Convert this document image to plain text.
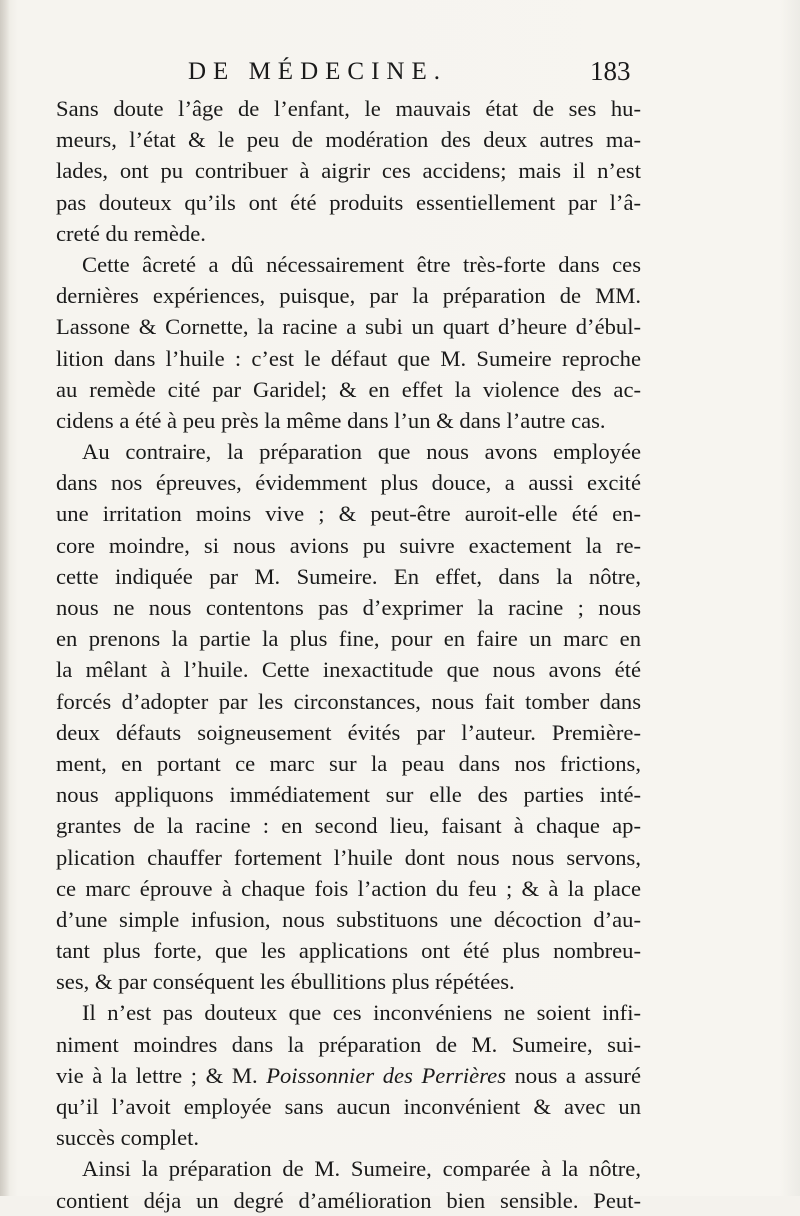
DE MÉDECINE.	183
Sans doute l’âge de l’enfant, le mauvais état de ses hu-
meurs, l’état & le peu de modération des deux autres ma-
lades, ont pu contribuer à aigrir ces accidens; mais il n’est
pas douteux qu’ils ont été produits essentiellement par l’â-
creté du remède.
Cette âcreté a dû nécessairement être très-forte dans ces
dernières expériences, puisque, par la préparation de MM.
Lassone & Cornette, la racine a subi un quart d’heure d’ébul-
lition dans l’huile : c’est le défaut que M. Sumeire reproche
au remède cité par Garidel; & en effet la violence des ac-
cidens a été à peu près la même dans l’un & dans l’autre cas.
Au contraire, la préparation que nous avons employée
dans nos épreuves, évidemment plus douce, a aussi excité
une irritation moins vive ; & peut-être auroit-elle été en-
core moindre, si nous avions pu suivre exactement la re-
cette indiquée par M. Sumeire. En effet, dans la nôtre,
nous ne nous contentons pas d’exprimer la racine ; nous
en prenons la partie la plus fine, pour en faire un marc en
la mêlant à l’huile. Cette inexactitude que nous avons été
forcés d’adopter par les circonstances, nous fait tomber dans
deux défauts soigneusement évités par l’auteur. Première-
ment, en portant ce marc sur la peau dans nos frictions,
nous appliquons immédiatement sur elle des parties inté-
grantes de la racine : en second lieu, faisant à chaque ap-
plication chauffer fortement l’huile dont nous nous servons,
ce marc éprouve à chaque fois l’action du feu ; & à la place
d’une simple infusion, nous substituons une décoction d’au-
tant plus forte, que les applications ont été plus nombreu-
ses, & par conséquent les ébullitions plus répétées.
Il n’est pas douteux que ces inconvéniens ne soient infi-
niment moindres dans la préparation de M. Sumeire, sui-
vie à la lettre ; & M. Poissonnier des Perrières nous a assuré
qu’il l’avoit employée sans aucun inconvénient & avec un
succès complet.
Ainsi la préparation de M. Sumeire, comparée à la nôtre,
contient déja un degré d’amélioration bien sensible. Peut-
